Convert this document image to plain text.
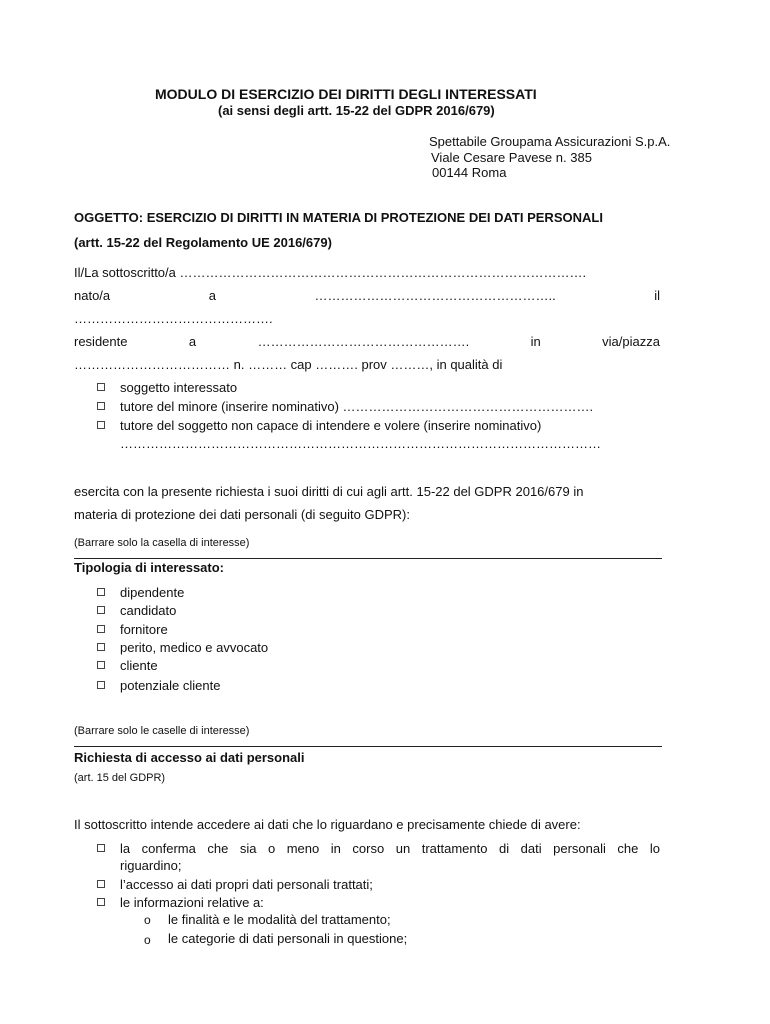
MODULO DI ESERCIZIO DEI DIRITTI DEGLI INTERESSATI
(ai sensi degli artt. 15-22 del GDPR 2016/679)
Spettabile Groupama Assicurazioni S.p.A.
Viale Cesare Pavese n. 385
00144 Roma
OGGETTO: ESERCIZIO DI DIRITTI IN MATERIA DI PROTEZIONE DEI DATI PERSONALI
(artt. 15-22 del Regolamento UE 2016/679)
Il/La sottoscritto/a ………………………………………………………………………………….
nato/a	a	………………………………………………..	il
……………………………………….
residente	a	………………………………………….	in	via/piazza
……………………………… n. ……… cap ………. prov ………, in qualità di
soggetto interessato
tutore del minore (inserire nominativo) ………………………………………………….
tutore del soggetto non capace di intendere e volere (inserire nominativo)
…………………………………………………………………………………………………
esercita con la presente richiesta i suoi diritti di cui agli artt. 15-22 del GDPR 2016/679 in
materia di protezione dei dati personali (di seguito GDPR):
(Barrare solo la casella di interesse)
Tipologia di interessato:
dipendente
candidato
fornitore
perito, medico e avvocato
cliente
potenziale cliente
(Barrare solo le caselle di interesse)
Richiesta di accesso ai dati personali
(art. 15 del GDPR)
Il sottoscritto intende accedere ai dati che lo riguardano e precisamente chiede di avere:
la conferma che sia o meno in corso un trattamento di dati personali che lo
riguardino;
l’accesso ai dati propri dati personali trattati;
le informazioni relative a:
o le finalità e le modalità del trattamento;
o le categorie di dati personali in questione;
